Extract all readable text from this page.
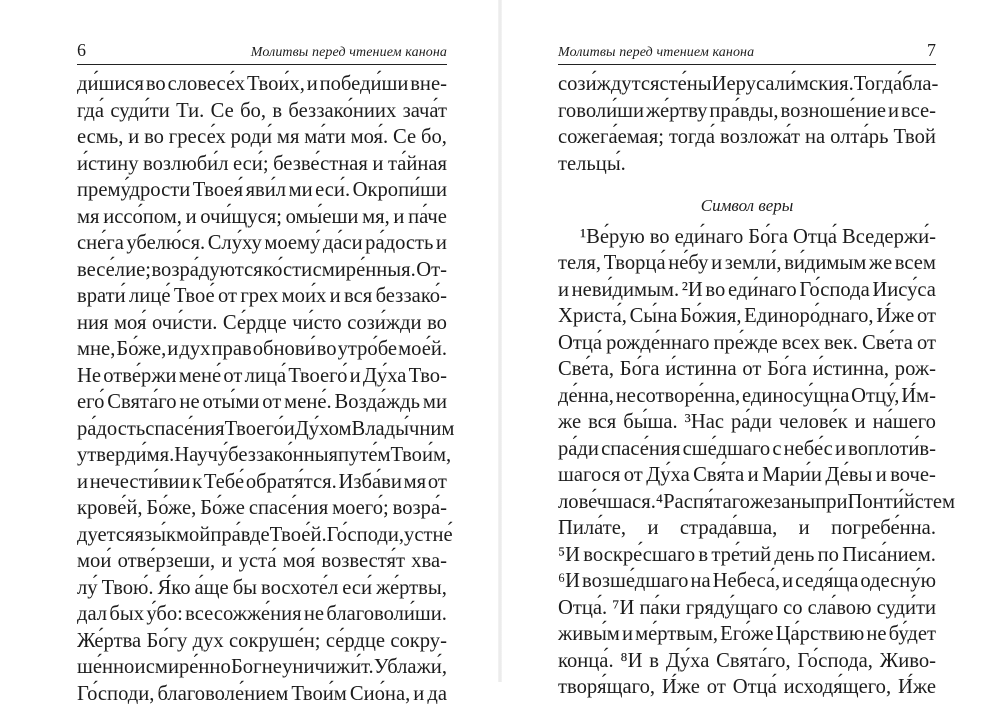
6	Молитвы перед чтением канона
ди́шися во словесе́х Твои́х, и победи́ши вне-
гда́ суди́ти Ти. Се бо, в беззако́ниих зача́т
есмь, и во гресе́х роди́ мя ма́ти моя́. Се бо,
и́стину возлюби́л еси́; безве́стная и та́йная
прему́дрости Твоея́ яви́л ми еси́. Окропи́ши
мя иссо́пом, и очи́щуся; омы́еши мя, и па́че
сне́га убелю́ся. Слу́ху моему́ да́си ра́дость и
весе́лие; возра́дуются ко́сти смире́нныя. От-
врати́ лице́ Твое́ от грех мои́х и вся беззако́-
ния моя́ очи́сти. Се́рдце чи́сто сози́жди во
мне, Бо́же, и дух прав обнови́ во утро́бе мое́й.
Не отве́ржи мене́ от лица́ Твоего́ и Ду́ха Тво-
его́ Свята́го не оты́ми от мене́. Возда́ждь ми
ра́дость спасе́ния Твоего́ и Ду́хом Влады́чним
утверди́ мя. Научу́ беззако́нныя путе́м Твои́м,
и нечести́вии к Тебе́ обратя́тся. Изба́ви мя от
крове́й, Бо́же, Бо́же спасе́ния моего́; возра́-
дуется язы́к мой пра́вде Твое́й. Го́споди, устне́
мои́ отве́рзеши, и уста́ моя́ возвестя́т хва-
лу́ Твою́. Я́ко а́ще бы восхоте́л еси́ же́ртвы,
дал бых у́бо: всесожже́ния не благоволи́ши.
Же́ртва Бо́гу дух сокруше́н; се́рдце сокру-
ше́нно и смире́нно Бог не уничижи́т. Ублажи́,
Го́споди, благоволе́нием Твои́м Сио́на, и да
Молитвы перед чтением канона	7
сози́ждутся сте́ны Иерусали́мския. Тогда́ бла-
говоли́ши же́ртву пра́вды, возноше́ние и все-
сожега́емая; тогда́ возложа́т на олта́рь Твой
тельцы́.
Символ веры
¹Ве́рую во еди́наго Бо́га Отца́ Вседержи́-
теля, Творца́ не́бу и земли́, ви́димым же всем
и неви́димым. ²И во еди́наго Го́спода Иису́са
Христа́, Сы́на Бо́жия, Единоро́днаго, И́же от
Отца́ рожде́ннаго пре́жде всех век. Све́та от
Све́та, Бо́га и́стинна от Бо́га и́стинна, рож-
де́нна, несотворе́нна, единосу́щна Отцу́, И́м-
же вся бы́ша. ³Нас ра́ди челове́к и на́шего
ра́ди спасе́ния сше́дшаго с небе́с и воплоти́в-
шагося от Ду́ха Свя́та и Мари́и Де́вы и вочe-
лове́чшася. ⁴Распя́таго же за ны при Понти́йстем
Пила́те, и страда́вша, и погребе́нна.
⁵И воскре́сшаго в тре́тий день по Писа́нием.
⁶И возше́дшаго на Небеса́, и седя́ща одесну́ю
Отца́. ⁷И па́ки гряду́щаго со сла́вою суди́ти
живы́м и ме́ртвым, Его́же Ца́рствию не бу́дет
конца́. ⁸И в Ду́ха Свята́го, Го́спода, Живо-
творя́щаго, И́же от Отца́ исходя́щего, И́же
